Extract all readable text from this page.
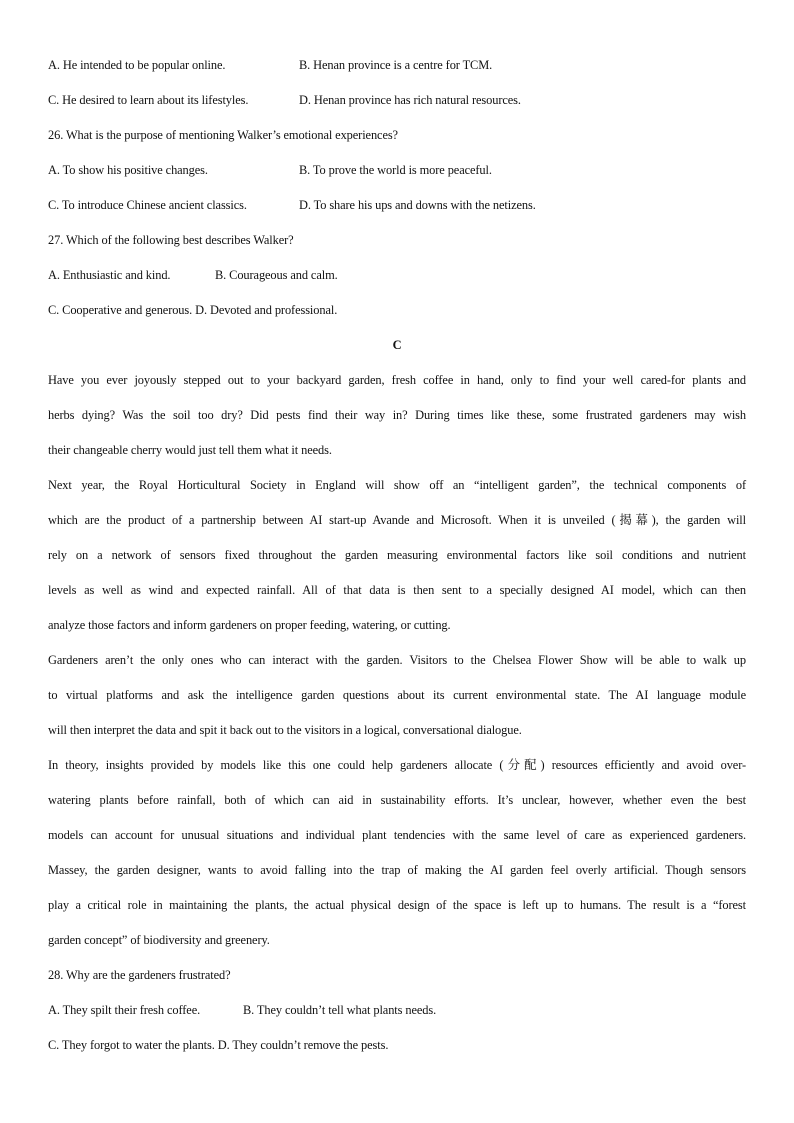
A. He intended to be popular online.	B. Henan province is a centre for TCM.
C. He desired to learn about its lifestyles.	D. Henan province has rich natural resources.
26. What is the purpose of mentioning Walker’s emotional experiences?
A. To show his positive changes.	B. To prove the world is more peaceful.
C. To introduce Chinese ancient classics.	D. To share his ups and downs with the netizens.
27. Which of the following best describes Walker?
A. Enthusiastic and kind.	B. Courageous and calm.
C. Cooperative and generous. D. Devoted and professional.
C
Have you ever joyously stepped out to your backyard garden, fresh coffee in hand, only to find your well cared-for plants and
herbs dying? Was the soil too dry? Did pests find their way in? During times like these, some frustrated gardeners may wish
their changeable cherry would just tell them what it needs.
Next year, the Royal Horticultural Society in England will show off an “intelligent garden”, the technical components of
which are the product of a partnership between AI start-up Avande and Microsoft. When it is unveiled (揭幕), the garden will
rely on a network of sensors fixed throughout the garden measuring environmental factors like soil conditions and nutrient
levels as well as wind and expected rainfall. All of that data is then sent to a specially designed AI model, which can then
analyze those factors and inform gardeners on proper feeding, watering, or cutting.
Gardeners aren’t the only ones who can interact with the garden. Visitors to the Chelsea Flower Show will be able to walk up
to virtual platforms and ask the intelligence garden questions about its current environmental state. The AI language module
will then interpret the data and spit it back out to the visitors in a logical, conversational dialogue.
In theory, insights provided by models like this one could help gardeners allocate (分配) resources efficiently and avoid over-
watering plants before rainfall, both of which can aid in sustainability efforts. It’s unclear, however, whether even the best
models can account for unusual situations and individual plant tendencies with the same level of care as experienced gardeners.
Massey, the garden designer, wants to avoid falling into the trap of making the AI garden feel overly artificial. Though sensors
play a critical role in maintaining the plants, the actual physical design of the space is left up to humans. The result is a “forest
garden concept” of biodiversity and greenery.
28. Why are the gardeners frustrated?
A. They spilt their fresh coffee.	B. They couldn’t tell what plants needs.
C. They forgot to water the plants. D. They couldn’t remove the pests.
